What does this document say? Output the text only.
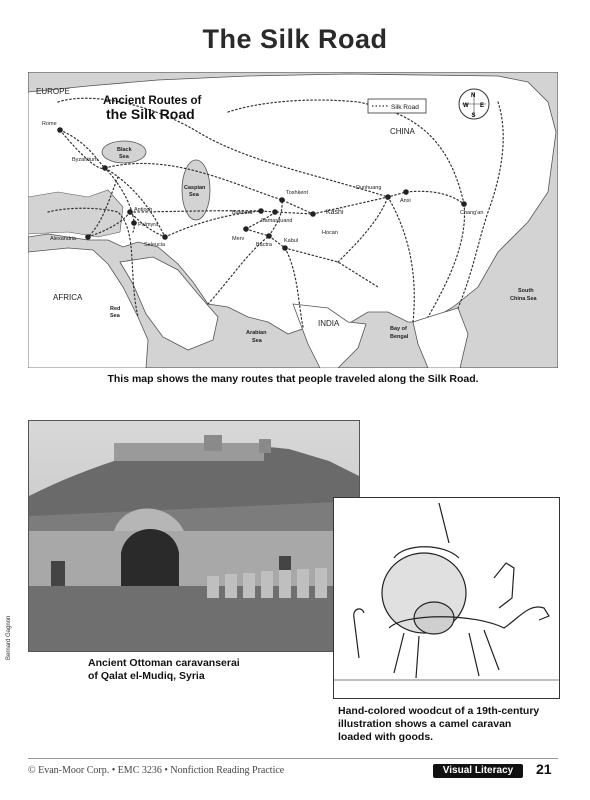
The Silk Road
Ancient Routes of
the Silk Road	Silk Road
N
S
E
W
EUROPE
CHINA
AFRICA
INDIA
Black
Sea
Caspian
Sea
Red
Sea
Arabian
Sea
Bay of
Bengal
South
China Sea
Rome
Byzantium
Antioch
Palmyra
Alexandria
Seleucia
Bakbora
Samarquand
Toshkent
Kashi
Hocan
Merv
Bactra
Kabul
Dunhuang
Anxi
Chang'an
This map shows the many routes that people traveled along the Silk Road.
Bernard Gagnon
Ancient Ottoman caravanserai
of Qalat el-Mudiq, Syria
Hand-colored woodcut of a 19th-century
illustration shows a camel caravan
loaded with goods.
© Evan-Moor Corp. • EMC 3236 • Nonfiction Reading Practice	Visual Literacy	21
